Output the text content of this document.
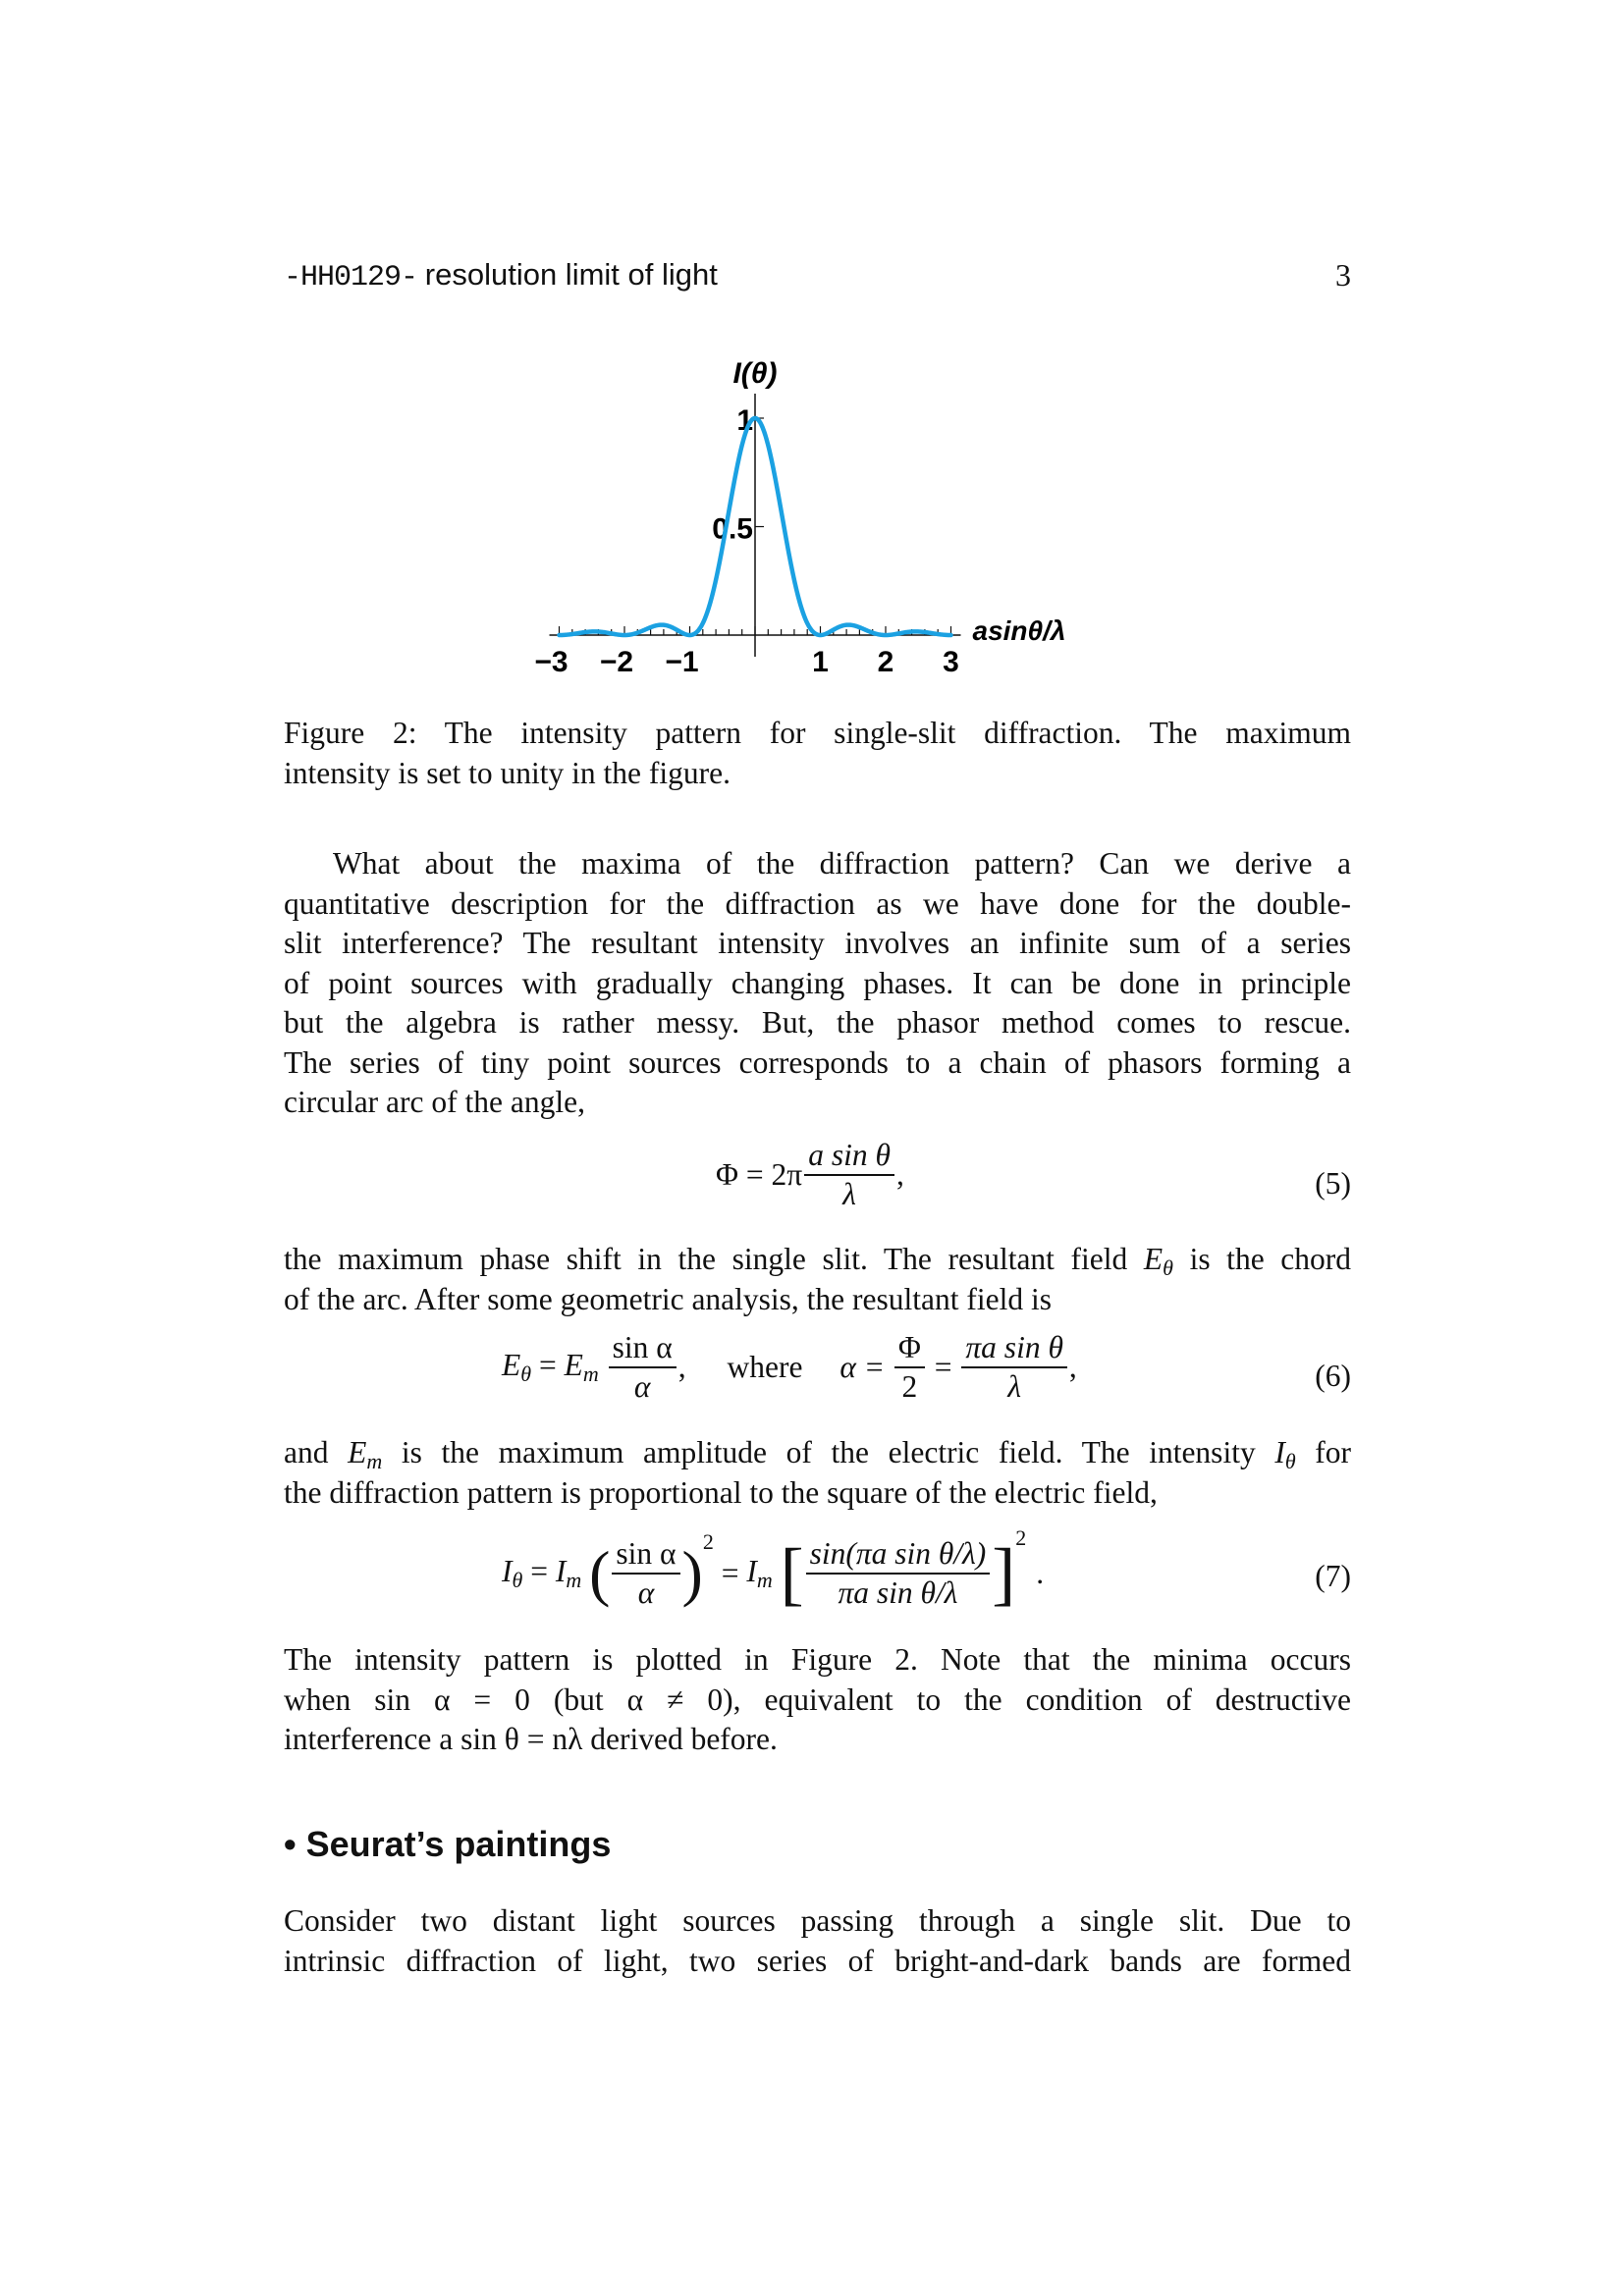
-HH0129- resolution limit of light	3
−3 −2 −1	1 2 3
0.5
1
I(θ)
asinθ/λ
Figure 2: The intensity pattern for single-slit diffraction. The maximum
intensity is set to unity in the figure.
What about the maxima of the diffraction pattern? Can we derive a
quantitative description for the diffraction as we have done for the double-
slit interference? The resultant intensity involves an infinite sum of a series
of point sources with gradually changing phases. It can be done in principle
but the algebra is rather messy. But, the phasor method comes to rescue.
The series of tiny point sources corresponds to a chain of phasors forming a
circular arc of the angle,
$\Phi = 2\pi \frac{\text{a sin θ}}{\lambda}$ ,	(5)
the maximum phase shift in the single slit. The resultant field $E_\theta$ is the chord
of the arc. After some geometric analysis, the resultant field is
$E_\theta = E_m \frac{\text{sin α}}{\alpha}$ , where $\alpha = \frac{\Phi}{2} = \frac{\text{πa sin θ}}{\lambda}$ ,	(6)
and $E_m$ is the maximum amplitude of the electric field. The intensity $I_\theta$ for
the diffraction pattern is proportional to the square of the electric field,
$I_\theta = I_m$ ( $\frac{\text{sin α}}{\alpha} )^2 = I_m$ [ $\frac{\text{sin(πa sin θ/λ)}}{\text{πa sin θ/λ}} ]^2$.	(7)
The intensity pattern is plotted in Figure 2. Note that the minima occurs
when sin α = 0 (but α ≠ 0), equivalent to the condition of destructive
interference a sin θ = nλ derived before.
• Seurat’s paintings
Consider two distant light sources passing through a single slit. Due to
intrinsic diffraction of light, two series of bright-and-dark bands are formed
